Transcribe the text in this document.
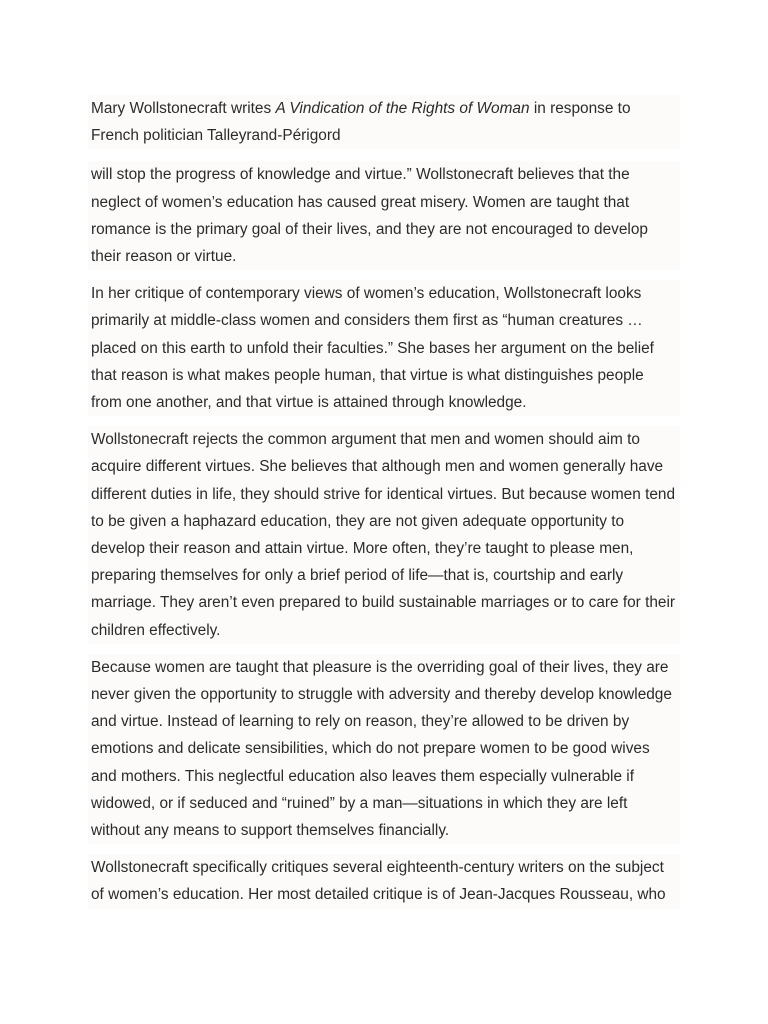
Mary Wollstonecraft writes A Vindication of the Rights of Woman in response to French politician Talleyrand-Périgord

will stop the progress of knowledge and virtue.” Wollstonecraft believes that the neglect of women’s education has caused great misery. Women are taught that romance is the primary goal of their lives, and they are not encouraged to develop their reason or virtue.

In her critique of contemporary views of women’s education, Wollstonecraft looks primarily at middle-class women and considers them first as “human creatures … placed on this earth to unfold their faculties.” She bases her argument on the belief that reason is what makes people human, that virtue is what distinguishes people from one another, and that virtue is attained through knowledge.

Wollstonecraft rejects the common argument that men and women should aim to acquire different virtues. She believes that although men and women generally have different duties in life, they should strive for identical virtues. But because women tend to be given a haphazard education, they are not given adequate opportunity to develop their reason and attain virtue. More often, they’re taught to please men, preparing themselves for only a brief period of life—that is, courtship and early marriage. They aren’t even prepared to build sustainable marriages or to care for their children effectively.

Because women are taught that pleasure is the overriding goal of their lives, they are never given the opportunity to struggle with adversity and thereby develop knowledge and virtue. Instead of learning to rely on reason, they’re allowed to be driven by emotions and delicate sensibilities, which do not prepare women to be good wives and mothers. This neglectful education also leaves them especially vulnerable if widowed, or if seduced and “ruined” by a man—situations in which they are left without any means to support themselves financially.

Wollstonecraft specifically critiques several eighteenth-century writers on the subject of women’s education. Her most detailed critique is of Jean-Jacques Rousseau, who
